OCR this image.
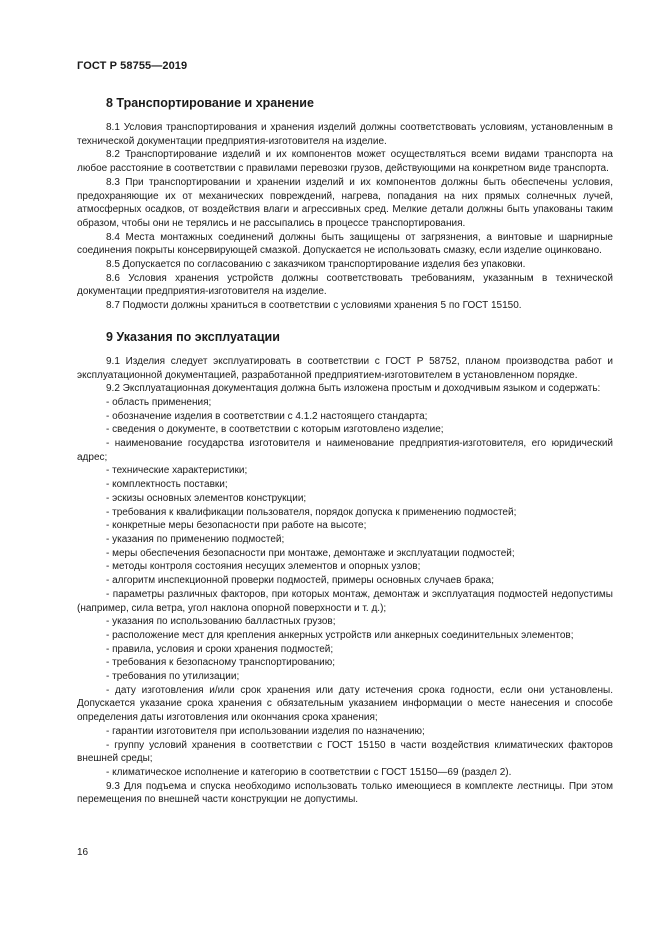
ГОСТ Р 58755—2019
8 Транспортирование и хранение

8.1 Условия транспортирования и хранения изделий должны соответствовать условиям, установленным в технической документации предприятия-изготовителя на изделие.

8.2 Транспортирование изделий и их компонентов может осуществляться всеми видами транспорта на любое расстояние в соответствии с правилами перевозки грузов, действующими на конкретном виде транспорта.

8.3 При транспортировании и хранении изделий и их компонентов должны быть обеспечены условия, предохраняющие их от механических повреждений, нагрева, попадания на них прямых солнечных лучей, атмосферных осадков, от воздействия влаги и агрессивных сред. Мелкие детали должны быть упакованы таким образом, чтобы они не терялись и не рассыпались в процессе транспортирования.

8.4 Места монтажных соединений должны быть защищены от загрязнения, а винтовые и шарнирные соединения покрыты консервирующей смазкой. Допускается не использовать смазку, если изделие оцинковано.

8.5 Допускается по согласованию с заказчиком транспортирование изделия без упаковки.

8.6 Условия хранения устройств должны соответствовать требованиям, указанным в технической документации предприятия-изготовителя на изделие.

8.7 Подмости должны храниться в соответствии с условиями хранения 5 по ГОСТ 15150.

9 Указания по эксплуатации

9.1 Изделия следует эксплуатировать в соответствии с ГОСТ Р 58752, планом производства работ и эксплуатационной документацией, разработанной предприятием-изготовителем в установленном порядке.

9.2 Эксплуатационная документация должна быть изложена простым и доходчивым языком и содержать:

- область применения;

- обозначение изделия в соответствии с 4.1.2 настоящего стандарта;

- сведения о документе, в соответствии с которым изготовлено изделие;

- наименование государства изготовителя и наименование предприятия-изготовителя, его юридический адрес;

- технические характеристики;

- комплектность поставки;

- эскизы основных элементов конструкции;

- требования к квалификации пользователя, порядок допуска к применению подмостей;

- конкретные меры безопасности при работе на высоте;

- указания по применению подмостей;

- меры обеспечения безопасности при монтаже, демонтаже и эксплуатации подмостей;

- методы контроля состояния несущих элементов и опорных узлов;

- алгоритм инспекционной проверки подмостей, примеры основных случаев брака;

- параметры различных факторов, при которых монтаж, демонтаж и эксплуатация подмостей недопустимы (например, сила ветра, угол наклона опорной поверхности и т. д.);

- указания по использованию балластных грузов;

- расположение мест для крепления анкерных устройств или анкерных соединительных элементов;

- правила, условия и сроки хранения подмостей;

- требования к безопасному транспортированию;

- требования по утилизации;

- дату изготовления и/или срок хранения или дату истечения срока годности, если они установлены. Допускается указание срока хранения с обязательным указанием информации о месте нанесения и способе определения даты изготовления или окончания срока хранения;

- гарантии изготовителя при использовании изделия по назначению;

- группу условий хранения в соответствии с ГОСТ 15150 в части воздействия климатических факторов внешней среды;

- климатическое исполнение и категорию в соответствии с ГОСТ 15150—69 (раздел 2).

9.3 Для подъема и спуска необходимо использовать только имеющиеся в комплекте лестницы. При этом перемещения по внешней части конструкции не допустимы.

16
